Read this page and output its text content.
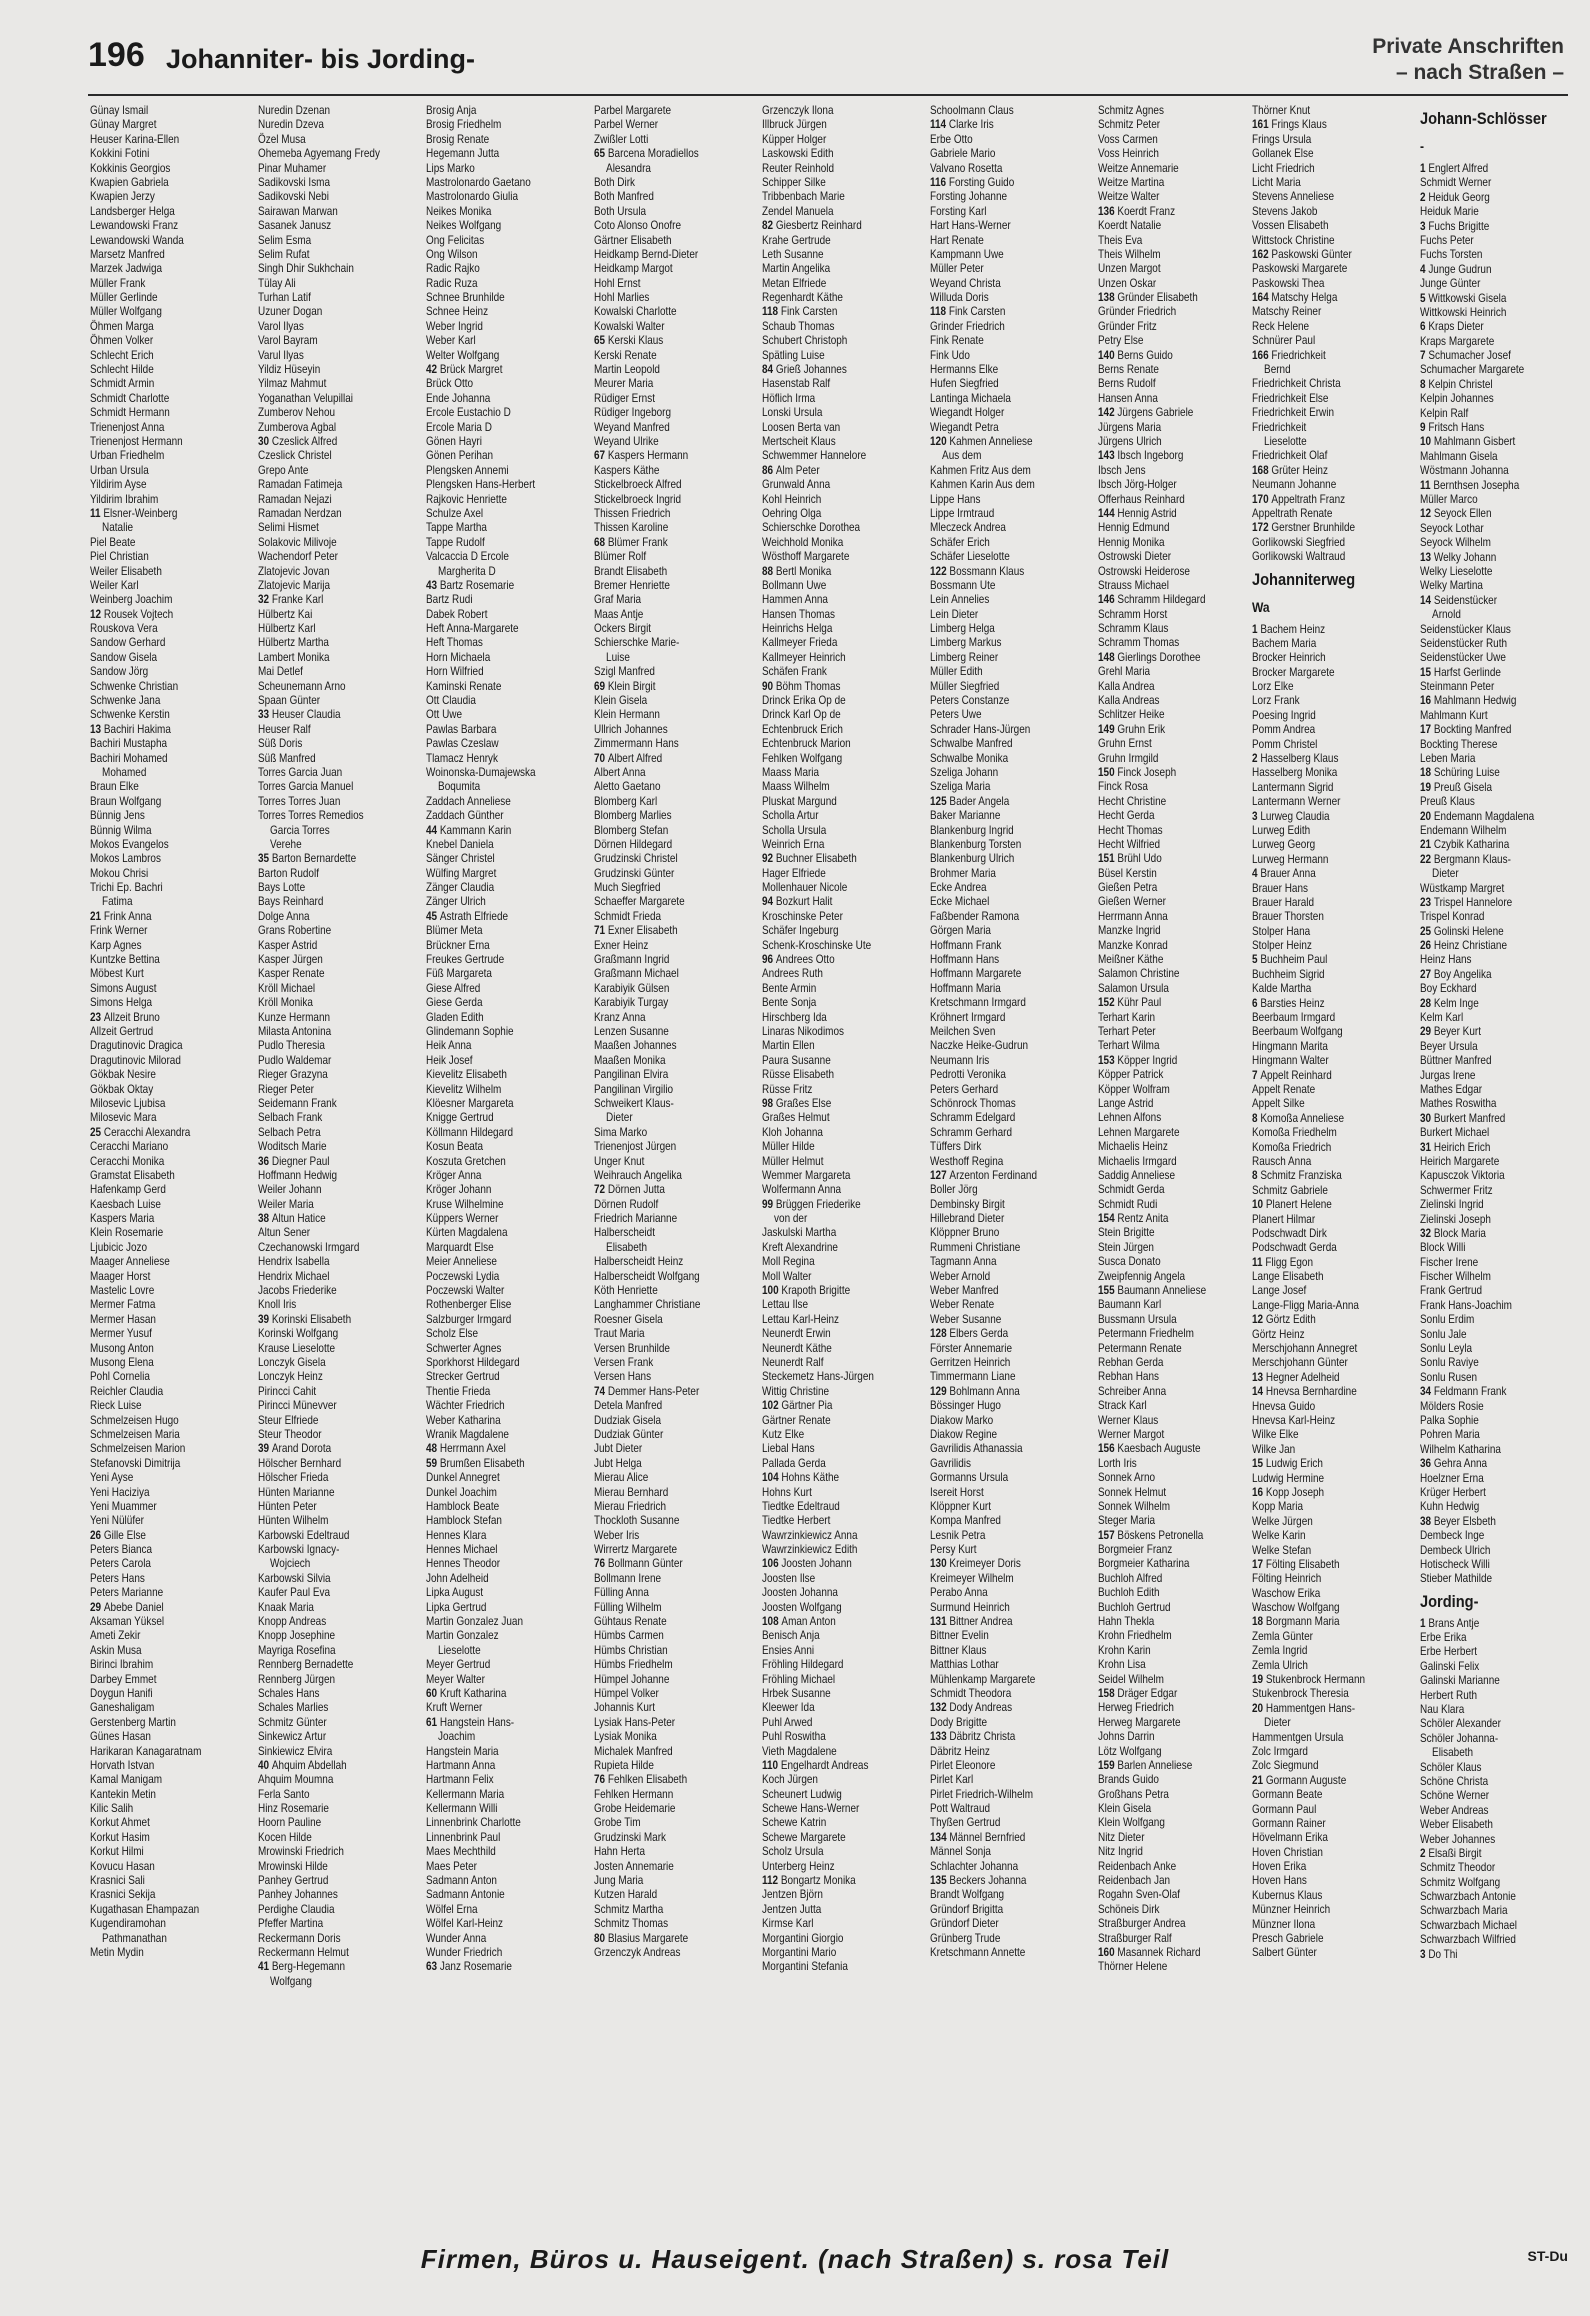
196 Johanniter- bis Jording-	Private Anschriften
– nach Straßen –
Günay Ismail
Günay Margret
Heuser Karina-Ellen
Kokkini Fotini
Kokkinis Georgios
Kwapien Gabriela
Kwapien Jerzy
Landsberger Helga
Lewandowski Franz
Lewandowski Wanda
Marsetz Manfred
Marzek Jadwiga
Müller Frank
Müller Gerlinde
Müller Wolfgang
Öhmen Marga
Öhmen Volker
Schlecht Erich
Schlecht Hilde
Schmidt Armin
Schmidt Charlotte
Schmidt Hermann
Trienenjost Anna
Trienenjost Hermann
Urban Friedhelm
Urban Ursula
Yildirim Ayse
Yildirim Ibrahim
11 Elsner-Weinberg
Natalie
Piel Beate
Piel Christian
Weiler Elisabeth
Weiler Karl
Weinberg Joachim
12 Rousek Vojtech
Rouskova Vera
Sandow Gerhard
Sandow Gisela
Sandow Jörg
Schwenke Christian
Schwenke Jana
Schwenke Kerstin
13 Bachiri Hakima
Bachiri Mustapha
Bachiri Mohamed
Mohamed
Braun Elke
Braun Wolfgang
Bünnig Jens
Bünnig Wilma
Mokos Evangelos
Mokos Lambros
Mokou Chrisi
Trichi Ep. Bachri
Fatima
21 Frink Anna
Frink Werner
Karp Agnes
Kuntzke Bettina
Möbest Kurt
Simons August
Simons Helga
23 Allzeit Bruno
Allzeit Gertrud
Dragutinovic Dragica
Dragutinovic Milorad
Gökbak Nesire
Gökbak Oktay
Milosevic Ljubisa
Milosevic Mara
25 Ceracchi Alexandra
Ceracchi Mariano
Ceracchi Monika
Gramstat Elisabeth
Hafenkamp Gerd
Kaesbach Luise
Kaspers Maria
Klein Rosemarie
Ljubicic Jozo
Maager Anneliese
Maager Horst
Mastelic Lovre
Mermer Fatma
Mermer Hasan
Mermer Yusuf
Musong Anton
Musong Elena
Pohl Cornelia
Reichler Claudia
Rieck Luise
Schmelzeisen Hugo
Schmelzeisen Maria
Schmelzeisen Marion
Stefanovski Dimitrija
Yeni Ayse
Yeni Haciziya
Yeni Muammer
Yeni Nülüfer
26 Gille Else
Peters Bianca
Peters Carola
Peters Hans
Peters Marianne
29 Abebe Daniel
Aksaman Yüksel
Ameti Zekir
Askin Musa
Birinci Ibrahim
Darbey Emmet
Doygun Hanifi
Ganeshaligam
Gerstenberg Martin
Günes Hasan
Harikaran Kanagaratnam
Horvath Istvan
Kamal Manigam
Kantekin Metin
Kilic Salih
Korkut Ahmet
Korkut Hasim
Korkut Hilmi
Kovucu Hasan
Krasnici Sali
Krasnici Sekija
Kugathasan Ehampazan
Kugendiramohan
Pathmanathan
Metin Mydin
Nuredin Dzenan
Nuredin Dzeva
Özel Musa
Ohemeba Agyemang Fredy
Pinar Muhamer
Sadikovski Isma
Sadikovski Nebi
Sairawan Marwan
Sasanek Janusz
Selim Esma
Selim Rufat
Singh Dhir Sukhchain
Tülay Ali
Turhan Latif
Uzuner Dogan
Varol Ilyas
Varol Bayram
Varul Ilyas
Yildiz Hüseyin
Yilmaz Mahmut
Yoganathan Velupillai
Zumberov Nehou
Zumberova Agbal
30 Czeslick Alfred
Czeslick Christel
Grepo Ante
Ramadan Fatimeja
Ramadan Nejazi
Ramadan Nerdzan
Selimi Hismet
Solakovic Milivoje
Wachendorf Peter
Zlatojevic Jovan
Zlatojevic Marija
32 Franke Karl
Hülbertz Kai
Hülbertz Karl
Hülbertz Martha
Lambert Monika
Mai Detlef
Scheunemann Arno
Spaan Günter
33 Heuser Claudia
Heuser Ralf
Süß Doris
Süß Manfred
Torres Garcia Juan
Torres Garcia Manuel
Torres Torres Juan
Torres Torres Remedios
Garcia Torres
Verehe
35 Barton Bernardette
Barton Rudolf
Bays Lotte
Bays Reinhard
Dolge Anna
Grans Robertine
Kasper Astrid
Kasper Jürgen
Kasper Renate
Kröll Michael
Kröll Monika
Kunze Hermann
Milasta Antonina
Pudlo Theresia
Pudlo Waldemar
Rieger Grazyna
Rieger Peter
Seidemann Frank
Selbach Frank
Selbach Petra
Woditsch Marie
36 Diegner Paul
Hoffmann Hedwig
Weiler Johann
Weiler Maria
38 Altun Hatice
Altun Sener
Czechanowski Irmgard
Hendrix Isabella
Hendrix Michael
Jacobs Friederike
Knoll Iris
39 Korinski Elisabeth
Korinski Wolfgang
Krause Lieselotte
Lonczyk Gisela
Lonczyk Heinz
Pirincci Cahit
Pirincci Münevver
Steur Elfriede
Steur Theodor
39 Arand Dorota
Hölscher Bernhard
Hölscher Frieda
Hünten Marianne
Hünten Peter
Hünten Wilhelm
Karbowski Edeltraud
Karbowski Ignacy-
Wojciech
Karbowski Silvia
Kaufer Paul Eva
Knaak Maria
Knopp Andreas
Knopp Josephine
Mayriga Rosefina
Rennberg Bernadette
Rennberg Jürgen
Schales Hans
Schales Marlies
Schmitz Günter
Sinkewicz Artur
Sinkiewicz Elvira
40 Ahquim Abdellah
Ahquim Moumna
Ferla Santo
Hinz Rosemarie
Hoorn Pauline
Kocen Hilde
Mrowinski Friedrich
Mrowinski Hilde
Panhey Gertrud
Panhey Johannes
Perdighe Claudia
Pfeffer Martina
Reckermann Doris
Reckermann Helmut
41 Berg-Hegemann
Wolfgang
Brosig Anja
Brosig Friedhelm
Brosig Renate
Hegemann Jutta
Lips Marko
Mastrolonardo Gaetano
Mastrolonardo Giulia
Neikes Monika
Neikes Wolfgang
Ong Felicitas
Ong Wilson
Radic Rajko
Radic Ruza
Schnee Brunhilde
Schnee Heinz
Weber Ingrid
Weber Karl
Welter Wolfgang
42 Brück Margret
Brück Otto
Ende Johanna
Ercole Eustachio D
Ercole Maria D
Gönen Hayri
Gönen Perihan
Plengsken Annemi
Plengsken Hans-Herbert
Rajkovic Henriette
Schulze Axel
Tappe Martha
Tappe Rudolf
Valcaccia D Ercole
Margherita D
43 Bartz Rosemarie
Bartz Rudi
Dabek Robert
Heft Anna-Margarete
Heft Thomas
Horn Michaela
Horn Wilfried
Kaminski Renate
Ott Claudia
Ott Uwe
Pawlas Barbara
Pawlas Czeslaw
Tlamacz Henryk
Woinonska-Dumajewska
Boqumita
Zaddach Anneliese
Zaddach Günther
44 Kammann Karin
Knebel Daniela
Sänger Christel
Wülfing Margret
Zänger Claudia
Zänger Ulrich
45 Astrath Elfriede
Blümer Meta
Brückner Erna
Freukes Gertrude
Füß Margareta
Giese Alfred
Giese Gerda
Gladen Edith
Glindemann Sophie
Heik Anna
Heik Josef
Kievelitz Elisabeth
Kievelitz Wilhelm
Klöesner Margareta
Knigge Gertrud
Köllmann Hildegard
Kosun Beata
Koszuta Gretchen
Kröger Anna
Kröger Johann
Kruse Wilhelmine
Küppers Werner
Kürten Magdalena
Marquardt Else
Meier Anneliese
Poczewski Lydia
Poczewski Walter
Rothenberger Elise
Salzburger Irmgard
Scholz Else
Schwerter Agnes
Sporkhorst Hildegard
Strecker Gertrud
Thentie Frieda
Wächter Friedrich
Weber Katharina
Wranik Magdalene
48 Herrmann Axel
59 Brumßen Elisabeth
Dunkel Annegret
Dunkel Joachim
Hamblock Beate
Hamblock Stefan
Hennes Klara
Hennes Michael
Hennes Theodor
John Adelheid
Lipka August
Lipka Gertrud
Martin Gonzalez Juan
Martin Gonzalez
Lieselotte
Meyer Gertrud
Meyer Walter
60 Kruft Katharina
Kruft Werner
61 Hangstein Hans-
Joachim
Hangstein Maria
Hartmann Anna
Hartmann Felix
Kellermann Maria
Kellermann Willi
Linnenbrink Charlotte
Linnenbrink Paul
Maes Mechthild
Maes Peter
Sadmann Anton
Sadmann Antonie
Wölfel Erna
Wölfel Karl-Heinz
Wunder Anna
Wunder Friedrich
63 Janz Rosemarie
Parbel Margarete
Parbel Werner
Zwißler Lotti
65 Barcena Moradiellos
Alesandra
Both Dirk
Both Manfred
Both Ursula
Coto Alonso Onofre
Gärtner Elisabeth
Heidkamp Bernd-Dieter
Heidkamp Margot
Hohl Ernst
Hohl Marlies
Kowalski Charlotte
Kowalski Walter
65 Kerski Klaus
Kerski Renate
Martin Leopold
Meurer Maria
Rüdiger Ernst
Rüdiger Ingeborg
Weyand Manfred
Weyand Ulrike
67 Kaspers Hermann
Kaspers Käthe
Stickelbroeck Alfred
Stickelbroeck Ingrid
Thissen Friedrich
Thissen Karoline
68 Blümer Frank
Blümer Rolf
Brandt Elisabeth
Bremer Henriette
Graf Maria
Maas Antje
Ockers Birgit
Schierschke Marie-
Luise
Szigl Manfred
69 Klein Birgit
Klein Gisela
Klein Hermann
Ullrich Johannes
Zimmermann Hans
70 Albert Alfred
Albert Anna
Aletto Gaetano
Blomberg Karl
Blomberg Marlies
Blomberg Stefan
Dörnen Hildegard
Grudzinski Christel
Grudzinski Günter
Much Siegfried
Schaeffer Margarete
Schmidt Frieda
71 Exner Elisabeth
Exner Heinz
Graßmann Ingrid
Graßmann Michael
Karabiyik Gülsen
Karabiyik Turgay
Kranz Anna
Lenzen Susanne
Maaßen Johannes
Maaßen Monika
Pangilinan Elvira
Pangilinan Virgilio
Schweikert Klaus-
Dieter
Sima Marko
Trienenjost Jürgen
Unger Knut
Weihrauch Angelika
72 Dörnen Jutta
Dörnen Rudolf
Friedrich Marianne
Halberscheidt
Elisabeth
Halberscheidt Heinz
Halberscheidt Wolfgang
Köth Henriette
Langhammer Christiane
Roesner Gisela
Traut Maria
Versen Brunhilde
Versen Frank
Versen Hans
74 Demmer Hans-Peter
Detela Manfred
Dudziak Gisela
Dudziak Günter
Jubt Dieter
Jubt Helga
Mierau Alice
Mierau Bernhard
Mierau Friedrich
Thockloth Susanne
Weber Iris
Wirrertz Margarete
76 Bollmann Günter
Bollmann Irene
Fülling Anna
Fülling Wilhelm
Gühtaus Renate
Hümbs Carmen
Hümbs Christian
Hümbs Friedhelm
Hümpel Johanne
Hümpel Volker
Johannis Kurt
Lysiak Hans-Peter
Lysiak Monika
Michalek Manfred
Rupieta Hilde
76 Fehlken Elisabeth
Fehlken Hermann
Grobe Heidemarie
Grobe Tim
Grudzinski Mark
Hahn Herta
Josten Annemarie
Jung Maria
Kutzen Harald
Schmitz Martha
Schmitz Thomas
80 Blasius Margarete
Grzenczyk Andreas
Grzenczyk Ilona
Illbruck Jürgen
Küpper Holger
Laskowski Edith
Reuter Reinhold
Schipper Silke
Tribbenbach Marie
Zendel Manuela
82 Giesbertz Reinhard
Krahe Gertrude
Leth Susanne
Martin Angelika
Metan Elfriede
Regenhardt Käthe
118 Fink Carsten
Schaub Thomas
Schubert Christoph
Spätling Luise
84 Grieß Johannes
Hasenstab Ralf
Höflich Irma
Lonski Ursula
Loosen Berta van
Mertscheit Klaus
Schwemmer Hannelore
86 Alm Peter
Grunwald Anna
Kohl Heinrich
Oehring Olga
Schierschke Dorothea
Weichhold Monika
Wösthoff Margarete
88 Bertl Monika
Bollmann Uwe
Hammen Anna
Hansen Thomas
Heinrichs Helga
Kallmeyer Frieda
Kallmeyer Heinrich
Schäfen Frank
90 Böhm Thomas
Drinck Erika Op de
Drinck Karl Op de
Echtenbruck Erich
Echtenbruck Marion
Fehlken Wolfgang
Maass Maria
Maass Wilhelm
Pluskat Margund
Scholla Artur
Scholla Ursula
Weinrich Erna
92 Buchner Elisabeth
Hager Elfriede
Mollenhauer Nicole
94 Bozkurt Halit
Kroschinske Peter
Schäfer Ingeburg
Schenk-Kroschinske Ute
96 Andrees Otto
Andrees Ruth
Bente Armin
Bente Sonja
Hirschberg Ida
Linaras Nikodimos
Martin Ellen
Paura Susanne
Rüsse Elisabeth
Rüsse Fritz
98 Graßes Else
Graßes Helmut
Kloh Johanna
Müller Hilde
Müller Helmut
Wemmer Margareta
Wolfermann Anna
99 Brüggen Friederike
von der
Jaskulski Martha
Kreft Alexandrine
Moll Regina
Moll Walter
100 Krapoth Brigitte
Lettau Ilse
Lettau Karl-Heinz
Neunerdt Erwin
Neunerdt Käthe
Neunerdt Ralf
Steckemetz Hans-Jürgen
Wittig Christine
102 Gärtner Pia
Gärtner Renate
Kutz Elke
Liebal Hans
Pallada Gerda
104 Hohns Käthe
Hohns Kurt
Tiedtke Edeltraud
Tiedtke Herbert
Wawrzinkiewicz Anna
Wawrzinkiewicz Edith
106 Joosten Johann
Joosten Ilse
Joosten Johanna
Joosten Wolfgang
108 Aman Anton
Benisch Anja
Ensies Anni
Fröhling Hildegard
Fröhling Michael
Hrbek Susanne
Kleewer Ida
Puhl Arwed
Puhl Roswitha
Vieth Magdalene
110 Engelhardt Andreas
Koch Jürgen
Scheunert Ludwig
Schewe Hans-Werner
Schewe Katrin
Schewe Margarete
Scholz Ursula
Unterberg Heinz
112 Bongartz Monika
Jentzen Björn
Jentzen Jutta
Kirmse Karl
Morgantini Giorgio
Morgantini Mario
Morgantini Stefania
Schoolmann Claus
114 Clarke Iris
Erbe Otto
Gabriele Mario
Valvano Rosetta
116 Forsting Guido
Forsting Johanne
Forsting Karl
Hart Hans-Werner
Hart Renate
Kampmann Uwe
Müller Peter
Weyand Christa
Willuda Doris
118 Fink Carsten
Grinder Friedrich
Fink Renate
Fink Udo
Hermanns Elke
Hufen Siegfried
Lantinga Michaela
Wiegandt Holger
Wiegandt Petra
120 Kahmen Anneliese
Aus dem
Kahmen Fritz Aus dem
Kahmen Karin Aus dem
Lippe Hans
Lippe Irmtraud
Mleczeck Andrea
Schäfer Erich
Schäfer Lieselotte
122 Bossmann Klaus
Bossmann Ute
Lein Annelies
Lein Dieter
Limberg Helga
Limberg Markus
Limberg Reiner
Müller Edith
Müller Siegfried
Peters Constanze
Peters Uwe
Schrader Hans-Jürgen
Schwalbe Manfred
Schwalbe Monika
Szeliga Johann
Szeliga Maria
125 Bader Angela
Baker Marianne
Blankenburg Ingrid
Blankenburg Torsten
Blankenburg Ulrich
Brohmer Maria
Ecke Andrea
Ecke Michael
Faßbender Ramona
Görgen Maria
Hoffmann Frank
Hoffmann Hans
Hoffmann Margarete
Hoffmann Maria
Kretschmann Irmgard
Kröhnert Irmgard
Meilchen Sven
Naczke Heike-Gudrun
Neumann Iris
Pedrotti Veronika
Peters Gerhard
Schönrock Thomas
Schramm Edelgard
Schramm Gerhard
Tüffers Dirk
Westhoff Regina
127 Arzenton Ferdinand
Boller Jörg
Dembinsky Birgit
Hillebrand Dieter
Klöppner Bruno
Rummeni Christiane
Tagmann Anna
Weber Arnold
Weber Manfred
Weber Renate
Weber Susanne
128 Elbers Gerda
Förster Annemarie
Gerritzen Heinrich
Timmermann Liane
129 Bohlmann Anna
Bössinger Hugo
Diakow Marko
Diakow Regine
Gavrilidis Athanassia
Gavrilidis
Gormanns Ursula
Isereit Horst
Klöppner Kurt
Kompa Manfred
Lesnik Petra
Persy Kurt
130 Kreimeyer Doris
Kreimeyer Wilhelm
Perabo Anna
Surmund Heinrich
131 Bittner Andrea
Bittner Evelin
Bittner Klaus
Matthias Lothar
Mühlenkamp Margarete
Schmidt Theodora
132 Dody Andreas
Dody Brigitte
133 Däbritz Christa
Däbritz Heinz
Pirlet Eleonore
Pirlet Karl
Pirlet Friedrich-Wilhelm
Pott Waltraud
Thyßen Gertrud
134 Männel Bernfried
Männel Sonja
Schlachter Johanna
135 Beckers Johanna
Brandt Wolfgang
Gründorf Brigitta
Gründorf Dieter
Grünberg Trude
Kretschmann Annette
Schmitz Agnes
Schmitz Peter
Voss Carmen
Voss Heinrich
Weitze Annemarie
Weitze Martina
Weitze Walter
136 Koerdt Franz
Koerdt Natalie
Theis Eva
Theis Wilhelm
Unzen Margot
Unzen Oskar
138 Gründer Elisabeth
Gründer Friedrich
Gründer Fritz
Petry Else
140 Berns Guido
Berns Renate
Berns Rudolf
Hansen Anna
142 Jürgens Gabriele
Jürgens Maria
Jürgens Ulrich
143 Ibsch Ingeborg
Ibsch Jens
Ibsch Jörg-Holger
Offerhaus Reinhard
144 Hennig Astrid
Hennig Edmund
Hennig Monika
Ostrowski Dieter
Ostrowski Heiderose
Strauss Michael
146 Schramm Hildegard
Schramm Horst
Schramm Klaus
Schramm Thomas
148 Gierlings Dorothee
Grehl Maria
Kalla Andrea
Kalla Andreas
Schlitzer Heike
149 Gruhn Erik
Gruhn Ernst
Gruhn Irmgild
150 Finck Joseph
Finck Rosa
Hecht Christine
Hecht Gerda
Hecht Thomas
Hecht Wilfried
151 Brühl Udo
Büsel Kerstin
Gießen Petra
Gießen Werner
Herrmann Anna
Manzke Ingrid
Manzke Konrad
Meißner Käthe
Salamon Christine
Salamon Ursula
152 Kühr Paul
Terhart Karin
Terhart Peter
Terhart Wilma
153 Köpper Ingrid
Köpper Patrick
Köpper Wolfram
Lange Astrid
Lehnen Alfons
Lehnen Margarete
Michaelis Heinz
Michaelis Irmgard
Saddig Anneliese
Schmidt Gerda
Schmidt Rudi
154 Rentz Anita
Stein Brigitte
Stein Jürgen
Susca Donato
Zweipfennig Angela
155 Baumann Anneliese
Baumann Karl
Bussmann Ursula
Petermann Friedhelm
Petermann Renate
Rebhan Gerda
Rebhan Hans
Schreiber Anna
Strack Karl
Werner Klaus
Werner Margot
156 Kaesbach Auguste
Lorth Iris
Sonnek Arno
Sonnek Helmut
Sonnek Wilhelm
Steger Maria
157 Böskens Petronella
Borgmeier Franz
Borgmeier Katharina
Buchloh Alfred
Buchloh Edith
Buchloh Gertrud
Hahn Thekla
Krohn Friedhelm
Krohn Karin
Krohn Lisa
Seidel Wilhelm
158 Dräger Edgar
Herweg Friedrich
Herweg Margarete
Johns Darrin
Lötz Wolfgang
159 Barlen Anneliese
Brands Guido
Großhans Petra
Klein Gisela
Klein Wolfgang
Nitz Dieter
Nitz Ingrid
Reidenbach Anke
Reidenbach Jan
Rogahn Sven-Olaf
Schöneis Dirk
Straßburger Andrea
Straßburger Ralf
160 Masannek Richard
Thörner Helene
Thörner Knut
161 Frings Klaus
Frings Ursula
Gollanek Else
Licht Friedrich
Licht Maria
Stevens Anneliese
Stevens Jakob
Vossen Elisabeth
Wittstock Christine
162 Paskowski Günter
Paskowski Margarete
Paskowski Thea
164 Matschy Helga
Matschy Reiner
Reck Helene
Schnürer Paul
166 Friedrichkeit
Bernd
Friedrichkeit Christa
Friedrichkeit Else
Friedrichkeit Erwin
Friedrichkeit
Lieselotte
Friedrichkeit Olaf
168 Grüter Heinz
Neumann Johanne
170 Appeltrath Franz
Appeltrath Renate
172 Gerstner Brunhilde
Gorlikowski Siegfried
Gorlikowski Waltraud
Johanniterweg
Wa
1 Bachem Heinz
Bachem Maria
Brocker Heinrich
Brocker Margarete
Lorz Elke
Lorz Frank
Poesing Ingrid
Pomm Andrea
Pomm Christel
2 Hasselberg Klaus
Hasselberg Monika
Lantermann Sigrid
Lantermann Werner
3 Lurweg Claudia
Lurweg Edith
Lurweg Georg
Lurweg Hermann
4 Brauer Anna
Brauer Hans
Brauer Harald
Brauer Thorsten
Stolper Hana
Stolper Heinz
5 Buchheim Paul
Buchheim Sigrid
Kalde Martha
6 Barsties Heinz
Beerbaum Irmgard
Beerbaum Wolfgang
Hingmann Marita
Hingmann Walter
7 Appelt Reinhard
Appelt Renate
Appelt Silke
8 Komoßa Anneliese
Komoßa Friedhelm
Komoßa Friedrich
Rausch Anna
8 Schmitz Franziska
Schmitz Gabriele
10 Planert Helene
Planert Hilmar
Podschwadt Dirk
Podschwadt Gerda
11 Fligg Egon
Lange Elisabeth
Lange Josef
Lange-Fligg Maria-Anna
12 Görtz Edith
Görtz Heinz
Merschjohann Annegret
Merschjohann Günter
13 Hegner Adelheid
14 Hnevsa Bernhardine
Hnevsa Guido
Hnevsa Karl-Heinz
Wilke Elke
Wilke Jan
15 Ludwig Erich
Ludwig Hermine
16 Kopp Joseph
Kopp Maria
Welke Jürgen
Welke Karin
Welke Stefan
17 Fölting Elisabeth
Fölting Heinrich
Waschow Erika
Waschow Wolfgang
18 Borgmann Maria
Zemla Günter
Zemla Ingrid
Zemla Ulrich
19 Stukenbrock Hermann
Stukenbrock Theresia
20 Hammentgen Hans-
Dieter
Hammentgen Ursula
Zolc Irmgard
Zolc Siegmund
21 Gormann Auguste
Gormann Beate
Gormann Paul
Gormann Rainer
Hövelmann Erika
Hoven Christian
Hoven Erika
Hoven Hans
Kubernus Klaus
Münzner Heinrich
Münzner Ilona
Presch Gabriele
Salbert Günter
Johann-Schlösser
-
1 Englert Alfred
Schmidt Werner
2 Heiduk Georg
Heiduk Marie
3 Fuchs Brigitte
Fuchs Peter
Fuchs Torsten
4 Junge Gudrun
Junge Günter
5 Wittkowski Gisela
Wittkowski Heinrich
6 Kraps Dieter
Kraps Margarete
7 Schumacher Josef
Schumacher Margarete
8 Kelpin Christel
Kelpin Johannes
Kelpin Ralf
9 Fritsch Hans
10 Mahlmann Gisbert
Mahlmann Gisela
Wöstmann Johanna
11 Bernthsen Josepha
Müller Marco
12 Seyock Ellen
Seyock Lothar
Seyock Wilhelm
13 Welky Johann
Welky Lieselotte
Welky Martina
14 Seidenstücker
Arnold
Seidenstücker Klaus
Seidenstücker Ruth
Seidenstücker Uwe
15 Harfst Gerlinde
Steinmann Peter
16 Mahlmann Hedwig
Mahlmann Kurt
17 Bockting Manfred
Bockting Therese
Leben Maria
18 Schüring Luise
19 Preuß Gisela
Preuß Klaus
20 Endemann Magdalena
Endemann Wilhelm
21 Czybik Katharina
22 Bergmann Klaus-
Dieter
Wüstkamp Margret
23 Trispel Hannelore
Trispel Konrad
25 Golinski Helene
26 Heinz Christiane
Heinz Hans
27 Boy Angelika
Boy Eckhard
28 Kelm Inge
Kelm Karl
29 Beyer Kurt
Beyer Ursula
Büttner Manfred
Jurgas Irene
Mathes Edgar
Mathes Roswitha
30 Burkert Manfred
Burkert Michael
31 Heirich Erich
Heirich Margarete
Kapusczok Viktoria
Schwermer Fritz
Zielinski Ingrid
Zielinski Joseph
32 Block Maria
Block Willi
Fischer Irene
Fischer Wilhelm
Frank Gertrud
Frank Hans-Joachim
Sonlu Erdim
Sonlu Jale
Sonlu Leyla
Sonlu Raviye
Sonlu Rusen
34 Feldmann Frank
Mölders Rosie
Palka Sophie
Pohren Maria
Wilhelm Katharina
36 Gehra Anna
Hoelzner Erna
Krüger Herbert
Kuhn Hedwig
38 Beyer Elsbeth
Dembeck Inge
Dembeck Ulrich
Hotischeck Willi
Stieber Mathilde
Jording-
1 Brans Antje
Erbe Erika
Erbe Herbert
Galinski Felix
Galinski Marianne
Herbert Ruth
Nau Klara
Schöler Alexander
Schöler Johanna-
Elisabeth
Schöler Klaus
Schöne Christa
Schöne Werner
Weber Andreas
Weber Elisabeth
Weber Johannes
2 Elsaßi Birgit
Schmitz Theodor
Schmitz Wolfgang
Schwarzbach Antonie
Schwarzbach Maria
Schwarzbach Michael
Schwarzbach Wilfried
3 Do Thi
Firmen, Büros u. Hauseigent. (nach Straßen) s. rosa Teil	ST-Du
